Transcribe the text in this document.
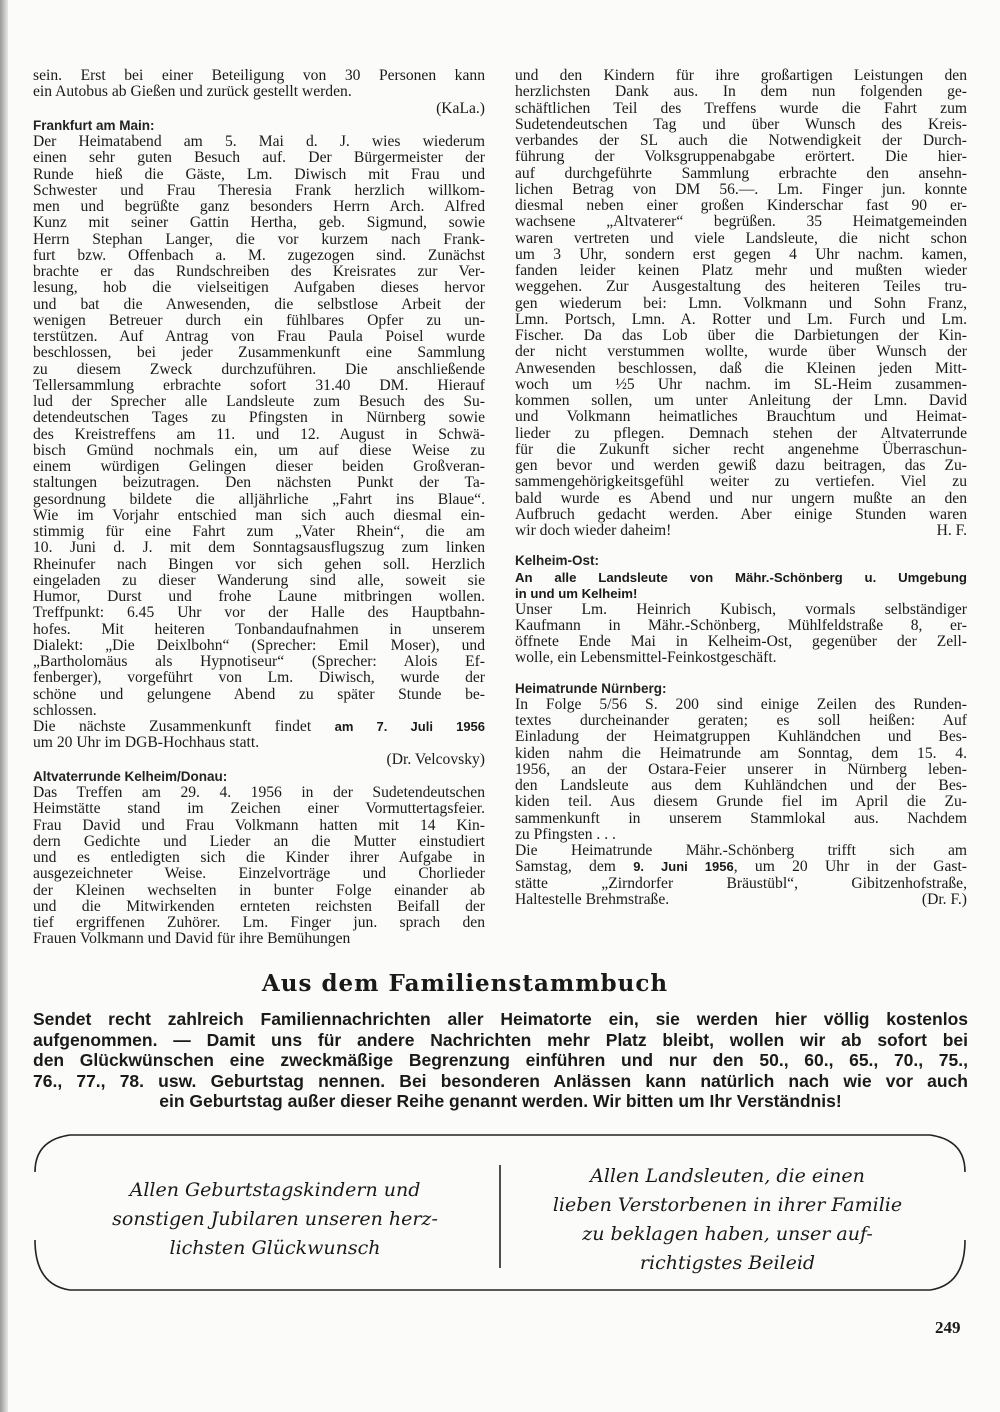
sein. Erst bei einer Beteiligung von 30 Personen kann
ein Autobus ab Gießen und zurück gestellt werden.
(KaLa.)
Frankfurt am Main:
Der Heimatabend am 5. Mai d. J. wies wiederum
einen sehr guten Besuch auf. Der Bürgermeister der
Runde hieß die Gäste, Lm. Diwisch mit Frau und
Schwester und Frau Theresia Frank herzlich willkom-
men und begrüßte ganz besonders Herrn Arch. Alfred
Kunz mit seiner Gattin Hertha, geb. Sigmund, sowie
Herrn Stephan Langer, die vor kurzem nach Frank-
furt bzw. Offenbach a. M. zugezogen sind. Zunächst
brachte er das Rundschreiben des Kreisrates zur Ver-
lesung, hob die vielseitigen Aufgaben dieses hervor
und bat die Anwesenden, die selbstlose Arbeit der
wenigen Betreuer durch ein fühlbares Opfer zu un-
terstützen. Auf Antrag von Frau Paula Poisel wurde
beschlossen, bei jeder Zusammenkunft eine Sammlung
zu diesem Zweck durchzuführen. Die anschließende
Tellersammlung erbrachte sofort 31.40 DM. Hierauf
lud der Sprecher alle Landsleute zum Besuch des Su-
detendeutschen Tages zu Pfingsten in Nürnberg sowie
des Kreistreffens am 11. und 12. August in Schwä-
bisch Gmünd nochmals ein, um auf diese Weise zu
einem würdigen Gelingen dieser beiden Großveran-
staltungen beizutragen. Den nächsten Punkt der Ta-
gesordnung bildete die alljährliche „Fahrt ins Blaue“.
Wie im Vorjahr entschied man sich auch diesmal ein-
stimmig für eine Fahrt zum „Vater Rhein“, die am
10. Juni d. J. mit dem Sonntagsausflugszug zum linken
Rheinufer nach Bingen vor sich gehen soll. Herzlich
eingeladen zu dieser Wanderung sind alle, soweit sie
Humor, Durst und frohe Laune mitbringen wollen.
Treffpunkt: 6.45 Uhr vor der Halle des Hauptbahn-
hofes. Mit heiteren Tonbandaufnahmen in unserem
Dialekt: „Die Deixlbohn“ (Sprecher: Emil Moser), und
„Bartholomäus als Hypnotiseur“ (Sprecher: Alois Ef-
fenberger), vorgeführt von Lm. Diwisch, wurde der
schöne und gelungene Abend zu später Stunde be-
schlossen.
Die nächste Zusammenkunft findet am 7. Juli 1956
um 20 Uhr im DGB-Hochhaus statt.
(Dr. Velcovsky)
Altvaterrunde Kelheim/Donau:
Das Treffen am 29. 4. 1956 in der Sudetendeutschen
Heimstätte stand im Zeichen einer Vormuttertagsfeier.
Frau David und Frau Volkmann hatten mit 14 Kin-
dern Gedichte und Lieder an die Mutter einstudiert
und es entledigten sich die Kinder ihrer Aufgabe in
ausgezeichneter Weise. Einzelvorträge und Chorlieder
der Kleinen wechselten in bunter Folge einander ab
und die Mitwirkenden ernteten reichsten Beifall der
tief ergriffenen Zuhörer. Lm. Finger jun. sprach den
Frauen Volkmann und David für ihre Bemühungen
und den Kindern für ihre großartigen Leistungen den
herzlichsten Dank aus. In dem nun folgenden ge-
schäftlichen Teil des Treffens wurde die Fahrt zum
Sudetendeutschen Tag und über Wunsch des Kreis-
verbandes der SL auch die Notwendigkeit der Durch-
führung der Volksgruppenabgabe erörtert. Die hier-
auf durchgeführte Sammlung erbrachte den ansehn-
lichen Betrag von DM 56.—. Lm. Finger jun. konnte
diesmal neben einer großen Kinderschar fast 90 er-
wachsene „Altvaterer“ begrüßen. 35 Heimatgemeinden
waren vertreten und viele Landsleute, die nicht schon
um 3 Uhr, sondern erst gegen 4 Uhr nachm. kamen,
fanden leider keinen Platz mehr und mußten wieder
weggehen. Zur Ausgestaltung des heiteren Teiles tru-
gen wiederum bei: Lmn. Volkmann und Sohn Franz,
Lmn. Portsch, Lmn. A. Rotter und Lm. Furch und Lm.
Fischer. Da das Lob über die Darbietungen der Kin-
der nicht verstummen wollte, wurde über Wunsch der
Anwesenden beschlossen, daß die Kleinen jeden Mitt-
woch um ½5 Uhr nachm. im SL-Heim zusammen-
kommen sollen, um unter Anleitung der Lmn. David
und Volkmann heimatliches Brauchtum und Heimat-
lieder zu pflegen. Demnach stehen der Altvaterrunde
für die Zukunft sicher recht angenehme Überraschun-
gen bevor und werden gewiß dazu beitragen, das Zu-
sammengehörigkeitsgefühl weiter zu vertiefen. Viel zu
bald wurde es Abend und nur ungern mußte an den
Aufbruch gedacht werden. Aber einige Stunden waren
wir doch wieder daheim!	H. F.
Kelheim-Ost:
An alle Landsleute von Mähr.-Schönberg u. Umgebung
in und um Kelheim!
Unser Lm. Heinrich Kubisch, vormals selbständiger
Kaufmann in Mähr.-Schönberg, Mühlfeldstraße 8, er-
öffnete Ende Mai in Kelheim-Ost, gegenüber der Zell-
wolle, ein Lebensmittel-Feinkostgeschäft.
Heimatrunde Nürnberg:
In Folge 5/56 S. 200 sind einige Zeilen des Runden-
textes durcheinander geraten; es soll heißen: Auf
Einladung der Heimatgruppen Kuhländchen und Bes-
kiden nahm die Heimatrunde am Sonntag, dem 15. 4.
1956, an der Ostara-Feier unserer in Nürnberg leben-
den Landsleute aus dem Kuhländchen und der Bes-
kiden teil. Aus diesem Grunde fiel im April die Zu-
sammenkunft in unserem Stammlokal aus. Nachdem
zu Pfingsten . . .
Die Heimatrunde Mähr.-Schönberg trifft sich am
Samstag, dem 9. Juni 1956, um 20 Uhr in der Gast-
stätte „Zirndorfer Bräustübl“, Gibitzenhofstraße,
Haltestelle Brehmstraße.	(Dr. F.)
Aus dem Familienstammbuch
Sendet recht zahlreich Familiennachrichten aller Heimatorte ein, sie werden hier völlig kostenlos
aufgenommen. — Damit uns für andere Nachrichten mehr Platz bleibt, wollen wir ab sofort bei
den Glückwünschen eine zweckmäßige Begrenzung einführen und nur den 50., 60., 65., 70., 75.,
76., 77., 78. usw. Geburtstag nennen. Bei besonderen Anlässen kann natürlich nach wie vor auch
ein Geburtstag außer dieser Reihe genannt werden. Wir bitten um Ihr Verständnis!
Allen Geburtstagskindern und
sonstigen Jubilaren unseren herz-
lichsten Glückwunsch
Allen Landsleuten, die einen
lieben Verstorbenen in ihrer Familie
zu beklagen haben, unser auf-
richtigstes Beileid
249
